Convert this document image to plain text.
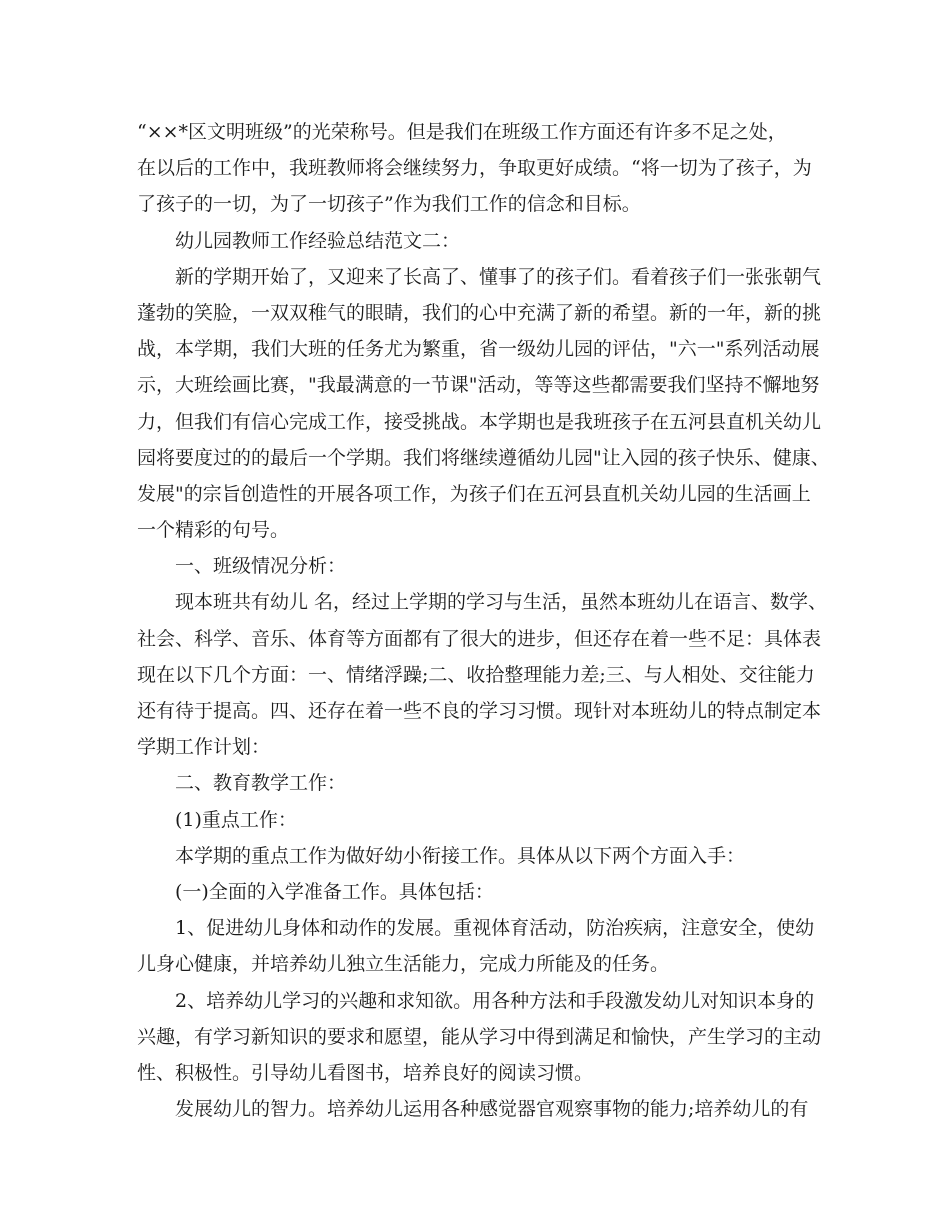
“××*区文明班级”的光荣称号。但是我们在班级工作方面还有许多不足之处，
在以后的工作中，我班教师将会继续努力，争取更好成绩。“将一切为了孩子，为
了孩子的一切，为了一切孩子”作为我们工作的信念和目标。
幼儿园教师工作经验总结范文二：
新的学期开始了，又迎来了长高了、懂事了的孩子们。看着孩子们一张张朝气
蓬勃的笑脸，一双双稚气的眼睛，我们的心中充满了新的希望。新的一年，新的挑
战，本学期，我们大班的任务尤为繁重，省一级幼儿园的评估，"六一"系列活动展
示，大班绘画比赛，"我最满意的一节课"活动，等等这些都需要我们坚持不懈地努
力，但我们有信心完成工作，接受挑战。本学期也是我班孩子在五河县直机关幼儿
园将要度过的的最后一个学期。我们将继续遵循幼儿园"让入园的孩子快乐、健康、
发展"的宗旨创造性的开展各项工作，为孩子们在五河县直机关幼儿园的生活画上
一个精彩的句号。
一、班级情况分析：
现本班共有幼儿 名，经过上学期的学习与生活，虽然本班幼儿在语言、数学、
社会、科学、音乐、体育等方面都有了很大的进步，但还存在着一些不足：具体表
现在以下几个方面：一、情绪浮躁;二、收拾整理能力差;三、与人相处、交往能力
还有待于提高。四、还存在着一些不良的学习习惯。现针对本班幼儿的特点制定本
学期工作计划：
二、教育教学工作：
(1)重点工作：
本学期的重点工作为做好幼小衔接工作。具体从以下两个方面入手：
(一)全面的入学准备工作。具体包括：
1、促进幼儿身体和动作的发展。重视体育活动，防治疾病，注意安全，使幼
儿身心健康，并培养幼儿独立生活能力，完成力所能及的任务。
2、培养幼儿学习的兴趣和求知欲。用各种方法和手段激发幼儿对知识本身的
兴趣，有学习新知识的要求和愿望，能从学习中得到满足和愉快，产生学习的主动
性、积极性。引导幼儿看图书，培养良好的阅读习惯。
发展幼儿的智力。培养幼儿运用各种感觉器官观察事物的能力;培养幼儿的有
